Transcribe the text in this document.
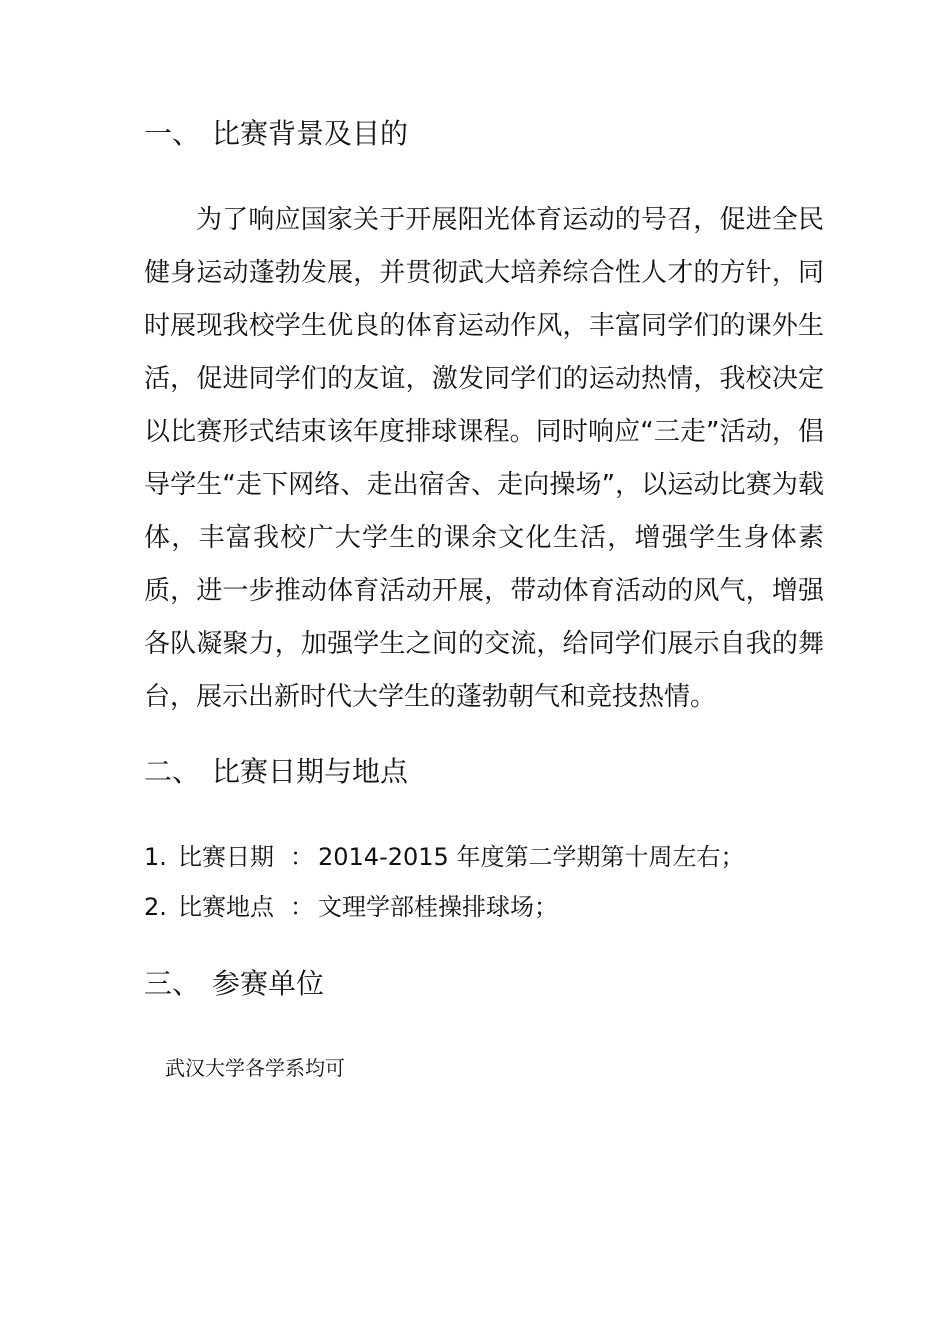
一、 比赛背景及目的

为了响应国家关于开展阳光体育运动的号召，促进全民健身运动蓬勃发展，并贯彻武大培养综合性人才的方针，同时展现我校学生优良的体育运动作风，丰富同学们的课外生活，促进同学们的友谊，激发同学们的运动热情，我校决定以比赛形式结束该年度排球课程。同时响应“三走”活动，倡导学生“走下网络、走出宿舍、走向操场”，以运动比赛为载体，丰富我校广大学生的课余文化生活，增强学生身体素质，进一步推动体育活动开展，带动体育活动的风气，增强各队凝聚力，加强学生之间的交流，给同学们展示自我的舞台，展示出新时代大学生的蓬勃朝气和竞技热情。

二、 比赛日期与地点
1. 比赛日期 ： 2014-2015 年度第二学期第十周左右；
2. 比赛地点 ： 文理学部桂操排球场；
三、 参赛单位
武汉大学各学系均可
